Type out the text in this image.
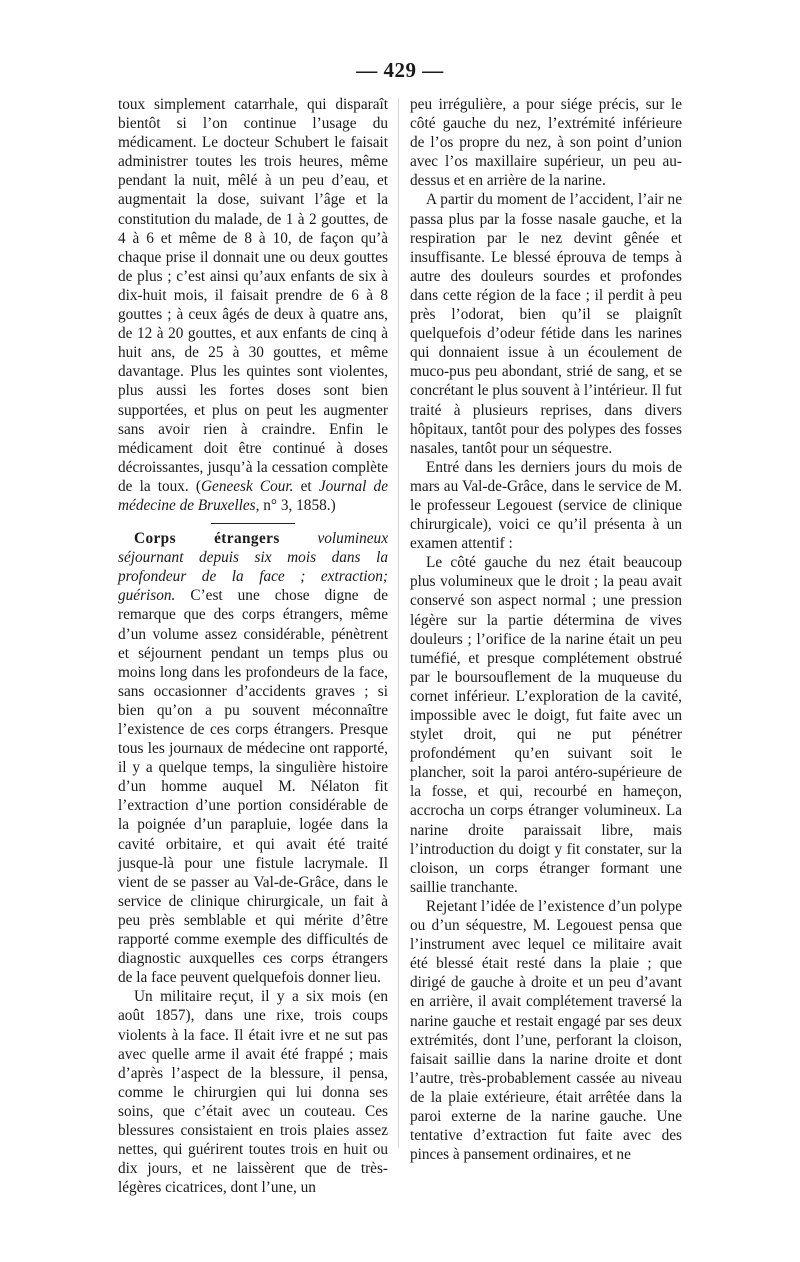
— 429 —

toux simplement catarrhale, qui disparaît bientôt si l’on continue l’usage du médicament. Le docteur Schubert le faisait administrer toutes les trois heures, même pendant la nuit, mêlé à un peu d’eau, et augmentait la dose, suivant l’âge et la constitution du malade, de 1 à 2 gouttes, de 4 à 6 et même de 8 à 10, de façon qu’à chaque prise il donnait une ou deux gouttes de plus ; c’est ainsi qu’aux enfants de six à dix-huit mois, il faisait prendre de 6 à 8 gouttes ; à ceux âgés de deux à quatre ans, de 12 à 20 gouttes, et aux enfants de cinq à huit ans, de 25 à 30 gouttes, et même davantage. Plus les quintes sont violentes, plus aussi les fortes doses sont bien supportées, et plus on peut les augmenter sans avoir rien à craindre. Enfin le médicament doit être continué à doses décroissantes, jusqu’à la cessation complète de la toux. (Geneesk Cour. et Journal de médecine de Bruxelles, n° 3, 1858.)

Corps étrangers volumineux séjournant depuis six mois dans la profondeur de la face ; extraction; guérison. C’est une chose digne de remarque que des corps étrangers, même d’un volume assez considérable, pénètrent et séjournent pendant un temps plus ou moins long dans les profondeurs de la face, sans occasionner d’accidents graves ; si bien qu’on a pu souvent méconnaître l’existence de ces corps étrangers. Presque tous les journaux de médecine ont rapporté, il y a quelque temps, la singulière histoire d’un homme auquel M. Nélaton fit l’extraction d’une portion considérable de la poignée d’un parapluie, logée dans la cavité orbitaire, et qui avait été traité jusque-là pour une fistule lacrymale. Il vient de se passer au Val-de-Grâce, dans le service de clinique chirurgicale, un fait à peu près semblable et qui mérite d’être rapporté comme exemple des difficultés de diagnostic auxquelles ces corps étrangers de la face peuvent quelquefois donner lieu.

Un militaire reçut, il y a six mois (en août 1857), dans une rixe, trois coups violents à la face. Il était ivre et ne sut pas avec quelle arme il avait été frappé ; mais d’après l’aspect de la blessure, il pensa, comme le chirurgien qui lui donna ses soins, que c’était avec un couteau. Ces blessures consistaient en trois plaies assez nettes, qui guérirent toutes trois en huit ou dix jours, et ne laissèrent que de très-légères cicatrices, dont l’une, un

peu irrégulière, a pour siége précis, sur le côté gauche du nez, l’extrémité inférieure de l’os propre du nez, à son point d’union avec l’os maxillaire supérieur, un peu au-dessus et en arrière de la narine.

A partir du moment de l’accident, l’air ne passa plus par la fosse nasale gauche, et la respiration par le nez devint gênée et insuffisante. Le blessé éprouva de temps à autre des douleurs sourdes et profondes dans cette région de la face ; il perdit à peu près l’odorat, bien qu’il se plaignît quelquefois d’odeur fétide dans les narines qui donnaient issue à un écoulement de muco-pus peu abondant, strié de sang, et se concrétant le plus souvent à l’intérieur. Il fut traité à plusieurs reprises, dans divers hôpitaux, tantôt pour des polypes des fosses nasales, tantôt pour un séquestre.

Entré dans les derniers jours du mois de mars au Val-de-Grâce, dans le service de M. le professeur Legouest (service de clinique chirurgicale), voici ce qu’il présenta à un examen attentif :

Le côté gauche du nez était beaucoup plus volumineux que le droit ; la peau avait conservé son aspect normal ; une pression légère sur la partie détermina de vives douleurs ; l’orifice de la narine était un peu tuméfié, et presque complétement obstrué par le boursouflement de la muqueuse du cornet inférieur. L’exploration de la cavité, impossible avec le doigt, fut faite avec un stylet droit, qui ne put pénétrer profondément qu’en suivant soit le plancher, soit la paroi antéro-supérieure de la fosse, et qui, recourbé en hameçon, accrocha un corps étranger volumineux. La narine droite paraissait libre, mais l’introduction du doigt y fit constater, sur la cloison, un corps étranger formant une saillie tranchante.

Rejetant l’idée de l’existence d’un polype ou d’un séquestre, M. Legouest pensa que l’instrument avec lequel ce militaire avait été blessé était resté dans la plaie ; que dirigé de gauche à droite et un peu d’avant en arrière, il avait complétement traversé la narine gauche et restait engagé par ses deux extrémités, dont l’une, perforant la cloison, faisait saillie dans la narine droite et dont l’autre, très-probablement cassée au niveau de la plaie extérieure, était arrêtée dans la paroi externe de la narine gauche. Une tentative d’extraction fut faite avec des pinces à pansement ordinaires, et ne
